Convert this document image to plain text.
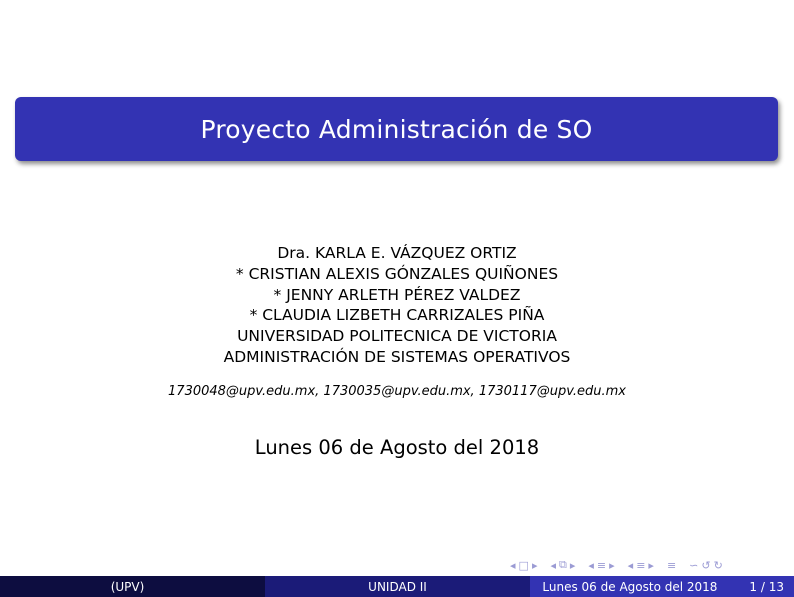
Proyecto Administración de SO
Dra. KARLA E. VÁZQUEZ ORTIZ
* CRISTIAN ALEXIS GÓNZALES QUIÑONES
* JENNY ARLETH PÉREZ VALDEZ
* CLAUDIA LIZBETH CARRIZALES PIÑA
UNIVERSIDAD POLITECNICA DE VICTORIA
ADMINISTRACIÓN DE SISTEMAS OPERATIVOS
1730048@upv.edu.mx, 1730035@upv.edu.mx, 1730117@upv.edu.mx
Lunes 06 de Agosto del 2018
◂ □ ▸ ◂ ⧉ ▸ ◂ ≡ ▸ ◂ ≡ ▸ ≡ ∽ ↺ ↻
(UPV)	UNIDAD II	Lunes 06 de Agosto del 2018	1 / 13
